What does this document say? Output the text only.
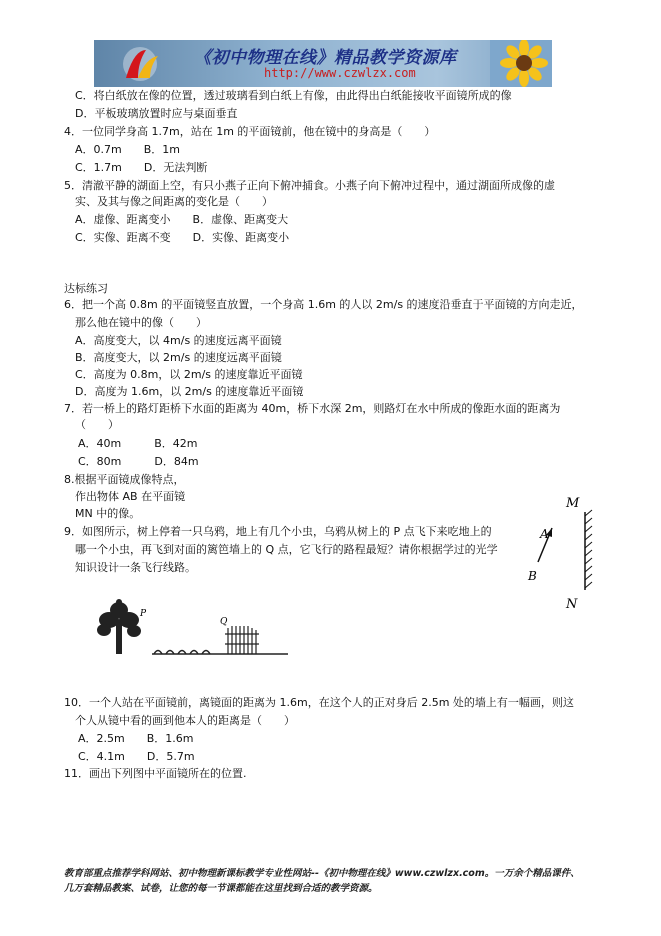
《初中物理在线》精品教学资源库
http://www.czwlzx.com
C．将白纸放在像的位置，透过玻璃看到白纸上有像，由此得出白纸能接收平面镜所成的像
D．平板玻璃放置时应与桌面垂直
4．一位同学身高 1.7m，站在 1m 的平面镜前，他在镜中的身高是（　　）
A．0.7m　　B．1m
C．1.7m　　D．无法判断
5．清澈平静的湖面上空，有只小燕子正向下俯冲捕食。小燕子向下俯冲过程中，通过湖面所成像的虚
实、及其与像之间距离的变化是（　　）
A．虚像、距离变小　　B．虚像、距离变大
C．实像、距离不变　　D．实像、距离变小
达标练习
6．把一个高 0.8m 的平面镜竖直放置，一个身高 1.6m 的人以 2m/s 的速度沿垂直于平面镜的方向走近，
那么他在镜中的像（　　）
A．高度变大，以 4m/s 的速度远离平面镜
B．高度变大，以 2m/s 的速度远离平面镜
C．高度为 0.8m，以 2m/s 的速度靠近平面镜
D．高度为 1.6m，以 2m/s 的速度靠近平面镜
7．若一桥上的路灯距桥下水面的距离为 40m，桥下水深 2m，则路灯在水中所成的像距水面的距离为
（　　）
A．40m　　　B．42m
C．80m　　　D．84m
8.根据平面镜成像特点，
作出物体 AB 在平面镜
MN 中的像。
M
N
A
B
9．如图所示，树上停着一只乌鸦，地上有几个小虫，乌鸦从树上的 P 点飞下来吃地上的
哪一个小虫，再飞到对面的篱笆墙上的 Q 点，它飞行的路程最短？请你根据学过的光学
知识设计一条飞行线路。
P
Q
10．一个人站在平面镜前，离镜面的距离为 1.6m，在这个人的正对身后 2.5m 处的墙上有一幅画，则这
个人从镜中看的画到他本人的距离是（　　）
A．2.5m　　B．1.6m
C．4.1m　　D．5.7m
11．画出下列图中平面镜所在的位置.
教育部重点推荐学科网站、初中物理新课标教学专业性网站--《初中物理在线》www.czwlzx.com。一万余个精品课件、
几万套精品教案、试卷，让您的每一节课都能在这里找到合适的教学资源。
